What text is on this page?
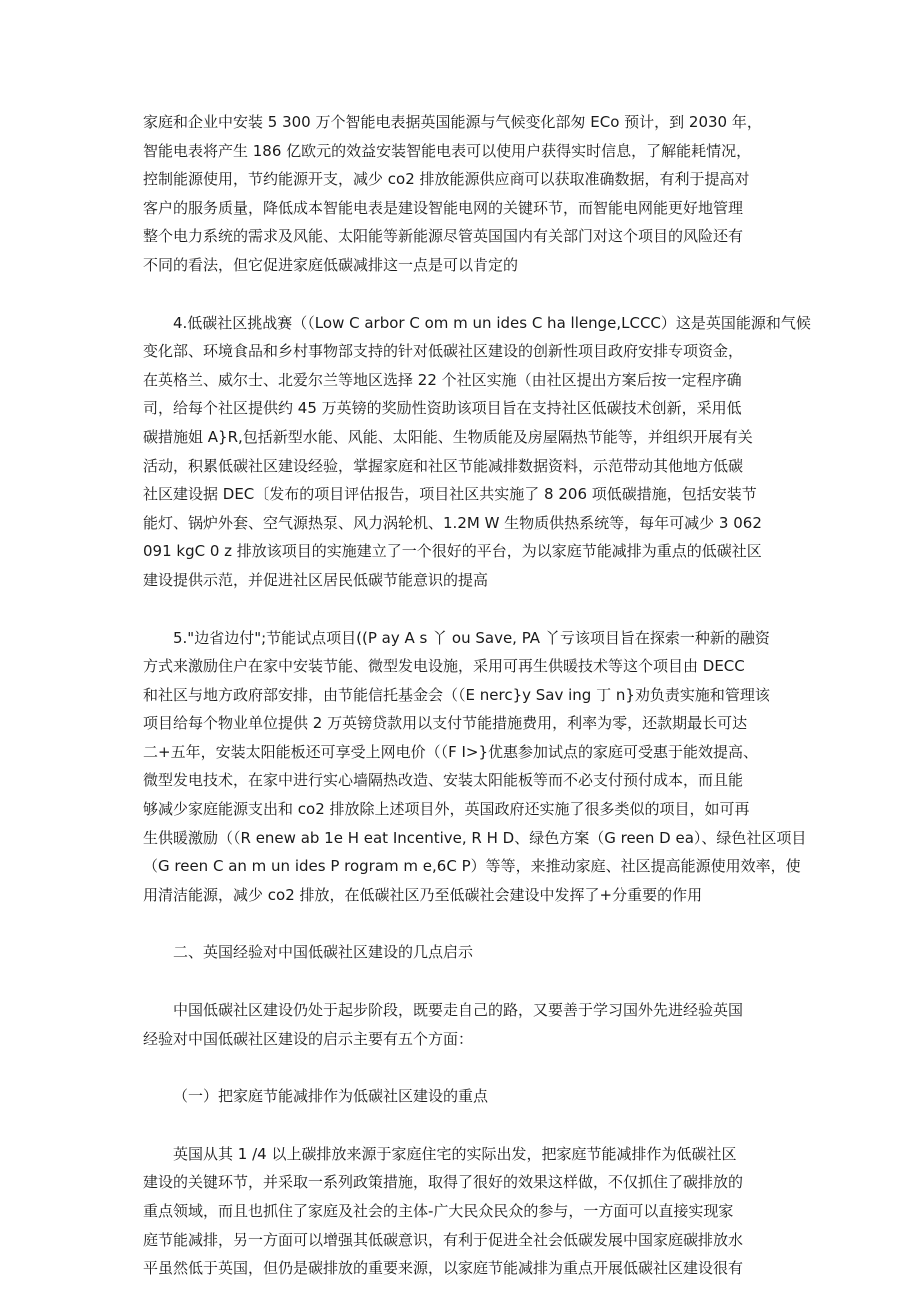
家庭和企业中安装 5 300 万个智能电表据英国能源与气候变化部匆 ECo 预计，到 2030 年，
智能电表将产生 186 亿欧元的效益安装智能电表可以使用户获得实时信息，了解能耗情况，
控制能源使用，节约能源开支，减少 co2 排放能源供应商可以获取准确数据，有利于提高对
客户的服务质量，降低成本智能电表是建设智能电网的关键环节，而智能电网能更好地管理
整个电力系统的需求及风能、太阳能等新能源尽管英国国内有关部门对这个项目的风险还有
不同的看法，但它促进家庭低碳减排这一点是可以肯定的
4.低碳社区挑战赛（（Low C arbor C om m un ides C ha llenge,LCCC）这是英国能源和气候
变化部、环境食品和乡村事物部支持的针对低碳社区建设的创新性项目政府安排专项资金，
在英格兰、威尔士、北爱尔兰等地区选择 22 个社区实施（由社区提出方案后按一定程序确
司，给每个社区提供约 45 万英镑的奖励性资助该项目旨在支持社区低碳技术创新，采用低
碳措施姐 A}R,包括新型水能、风能、太阳能、生物质能及房屋隔热节能等，并组织开展有关
活动，积累低碳社区建设经验，掌握家庭和社区节能减排数据资料，示范带动其他地方低碳
社区建设据 DEC〔发布的项目评估报告，项目社区共实施了 8 206 项低碳措施，包括安装节
能灯、锅炉外套、空气源热泵、风力涡轮机、1.2M W 生物质供热系统等，每年可减少 3 062
091 kgC 0 z 排放该项目的实施建立了一个很好的平台，为以家庭节能减排为重点的低碳社区
建设提供示范，并促进社区居民低碳节能意识的提高
5."边省边付";节能试点项目((P ay A s 丫 ou Save, PA 丫亏该项目旨在探索一种新的融资
方式来激励住户在家中安装节能、微型发电设施，采用可再生供暖技术等这个项目由 DECC
和社区与地方政府部安排，由节能信托基金会（（E nerc}y Sav ing 丁 n}劝负责实施和管理该
项目给每个物业单位提供 2 万英镑贷款用以支付节能措施费用，利率为零，还款期最长可达
二+五年，安装太阳能板还可享受上网电价（（F I>}优惠参加试点的家庭可受惠于能效提高、
微型发电技术，在家中进行实心墙隔热改造、安装太阳能板等而不必支付预付成本，而且能
够减少家庭能源支出和 co2 排放除上述项目外，英国政府还实施了很多类似的项目，如可再
生供暖激励（（R enew ab 1e H eat Incentive, R H D、绿色方案（G reen D ea）、绿色社区项目
（G reen C an m un ides P rogram m e,6C P）等等，来推动家庭、社区提高能源使用效率，使
用清洁能源，减少 co2 排放，在低碳社区乃至低碳社会建设中发挥了+分重要的作用
二、英国经验对中国低碳社区建设的几点启示
中国低碳社区建设仍处于起步阶段，既要走自己的路，又要善于学习国外先进经验英国
经验对中国低碳社区建设的启示主要有五个方面：
（一）把家庭节能减排作为低碳社区建设的重点
英国从其 1 /4 以上碳排放来源于家庭住宅的实际出发，把家庭节能减排作为低碳社区
建设的关键环节，并采取一系列政策措施，取得了很好的效果这样做，不仅抓住了碳排放的
重点领域，而且也抓住了家庭及社会的主体-广大民众民众的参与，一方面可以直接实现家
庭节能减排，另一方面可以增强其低碳意识，有利于促进全社会低碳发展中国家庭碳排放水
平虽然低于英国，但仍是碳排放的重要来源，以家庭节能减排为重点开展低碳社区建设很有
